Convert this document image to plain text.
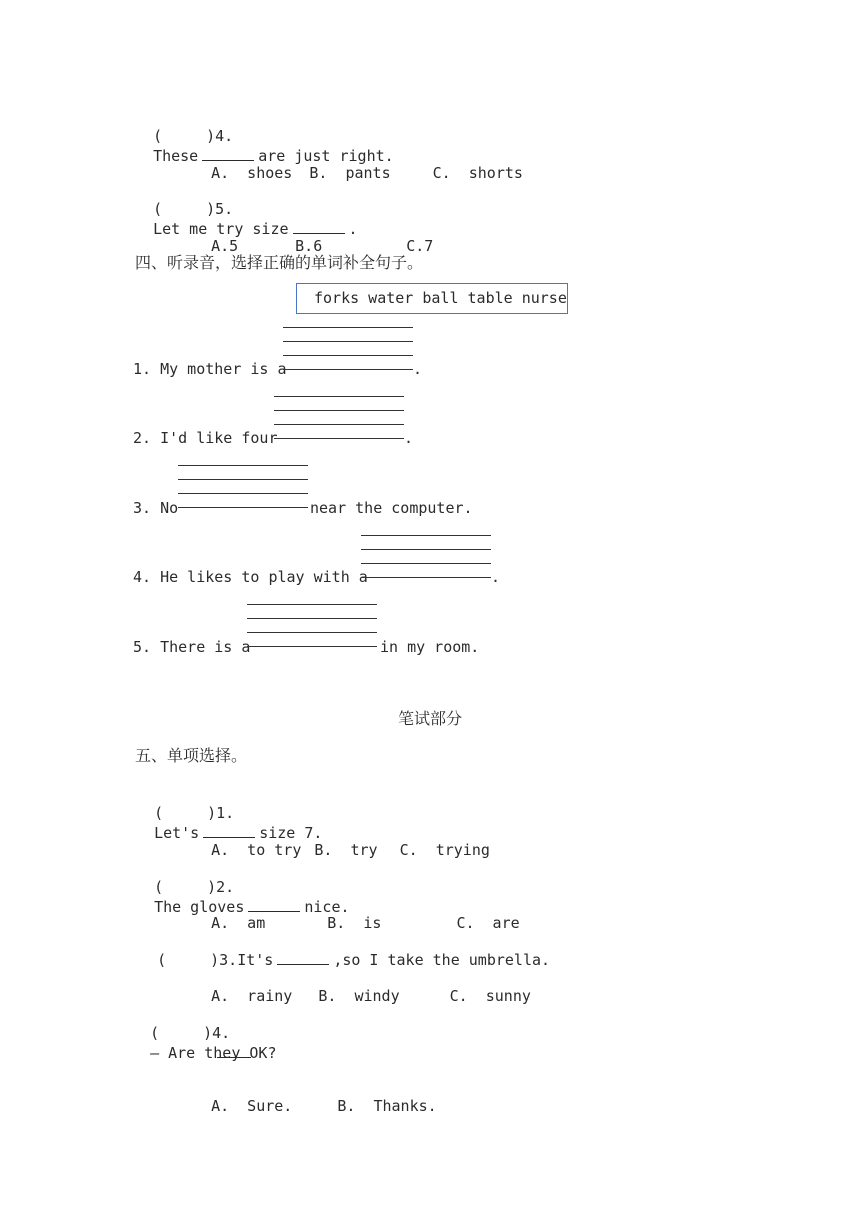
(	)4.
These	are just right.

A.  shoes B.  pants	C.  shorts

(	)5.
Let me try size	.

A.5	B.6	C.7

四、听录音，选择正确的单词补全句子。
forks water ball table nurse
1. My mother is a	.
2. I'd like four	.
3. No	near the computer.
4. He likes to play with a	.
5. There is a	in my room.
笔试部分
五、单项选择。

(	)1.
Let's	size 7.

A.  to try B.  try C.  trying

(	)2.
The gloves	nice.

A.  am	B.  is	C.  are

(	)3.It's	,so I take the umbrella.

A.  rainy B.  windy	C.  sunny

(	)4.
— Are they OK?

A.  Sure.	B.  Thanks.
